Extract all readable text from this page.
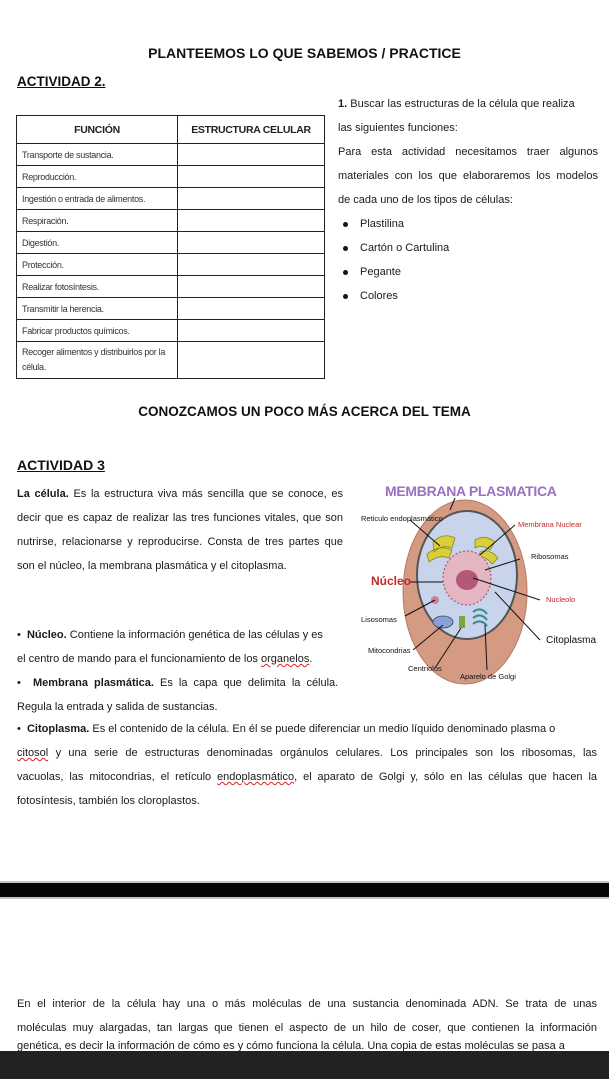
PLANTEEMOS LO QUE SABEMOS / PRACTICE
ACTIVIDAD 2.
FUNCIÓN	ESTRUCTURA CELULAR
Transporte de sustancia.	
Reproducción.	
Ingestión o entrada de alimentos.	
Respiración.	
Digestión.	
Protección.	
Realizar fotosíntesis.	
Transmitir la herencia.	
Fabricar productos químicos.	
Recoger alimentos y distribuirlos por la célula.	
1. Buscar las estructuras de la célula que realiza
las siguientes funciones:
Para esta actividad necesitamos traer algunos
materiales con los que elaboraremos los modelos
de cada uno de los tipos de células:
Plastilina
Cartón o Cartulina
Pegante
Colores
CONOZCAMOS UN POCO MÁS ACERCA DEL TEMA
ACTIVIDAD 3
La célula. Es la estructura viva más sencilla que se conoce, es decir que es capaz de realizar las tres funciones vitales, que son nutrirse, relacionarse y reproducirse. Consta de tres partes que son el núcleo, la membrana plasmática y el citoplasma.
•  Núcleo. Contiene la información genética de las células y es
el centro de mando para el funcionamiento de los organelos.
•  Membrana plasmática. Es la capa que delimita la célula.
Regula la entrada y salida de sustancias.
•  Citoplasma. Es el contenido de la célula. En él se puede diferenciar un medio líquido denominado plasma o
citosol y una serie de estructuras denominadas orgánulos celulares. Los principales son los ribosomas, las
vacuolas, las mitocondrias, el retículo endoplasmático, el aparato de Golgi y, sólo en las células que hacen la
fotosíntesis, también los cloroplastos.
MEMBRANA PLASMATICA
Reticulo endoplasmático
Membrana Nuclear
Ribosomas
Núcleo
Nucleolo
Lisosomas
Citoplasma
Mitocondrias
Centriolos
Aparelo de Golgi
En el interior de la célula hay una o más moléculas de una sustancia denominada ADN. Se trata de unas
moléculas muy alargadas, tan largas que tienen el aspecto de un hilo de coser, que contienen la información
genética, es decir la información de cómo es y cómo funciona la célula. Una copia de estas moléculas se pasa a
